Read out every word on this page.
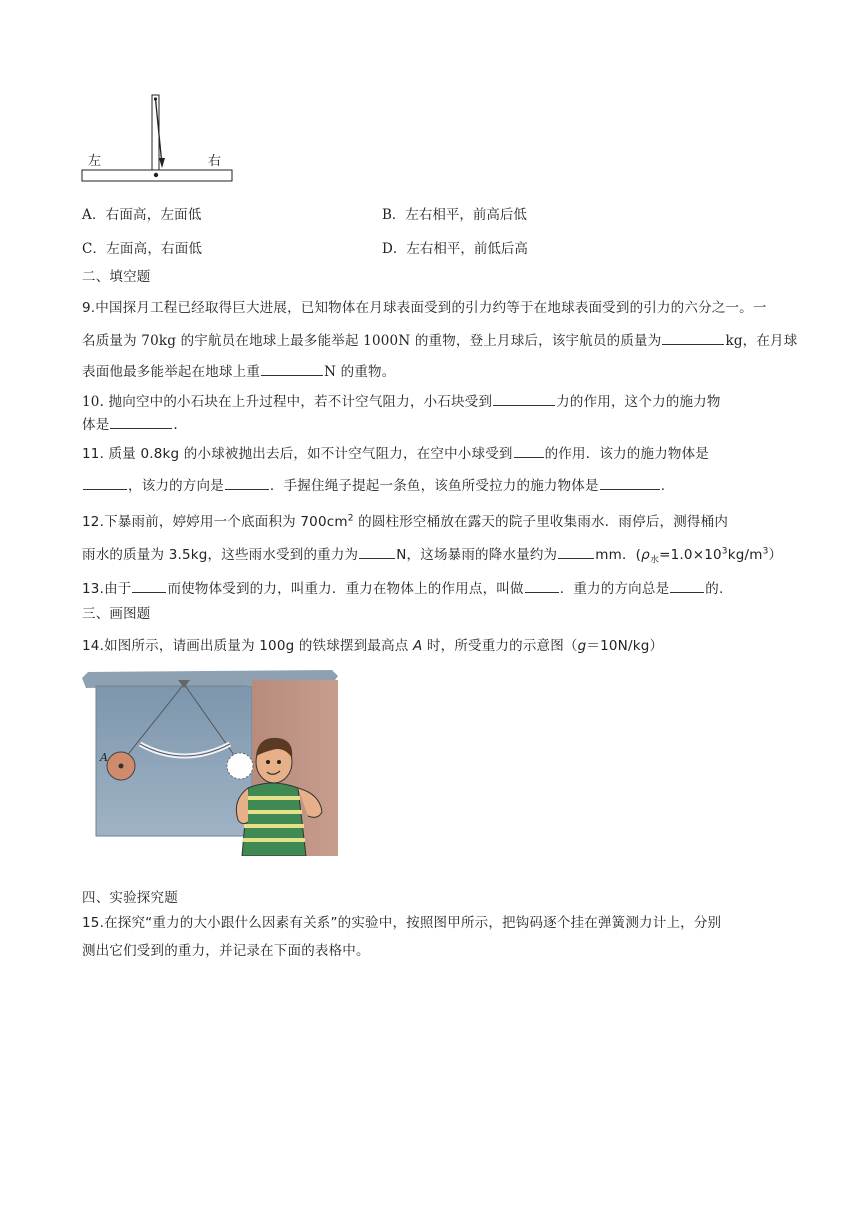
左	右
A．右面高，左面低	B．左右相平，前高后低
C．左面高，右面低	D．左右相平，前低后高
二、填空题
9.中国探月工程已经取得巨大进展，已知物体在月球表面受到的引力约等于在地球表面受到的引力的六分之一。一
名质量为 70kg 的宇航员在地球上最多能举起 1000N 的重物，登上月球后，该宇航员的质量为	kg，在月球
表面他最多能举起在地球上重	N 的重物。
10. 抛向空中的小石块在上升过程中，若不计空气阻力，小石块受到	力的作用，这个力的施力物
体是	.
11. 质量 0.8kg 的小球被抛出去后，如不计空气阻力，在空中小球受到 的作用．该力的施力物体是
，该力的方向是	．手握住绳子提起一条鱼，该鱼所受拉力的施力物体是	.
12.下暴雨前，婷婷用一个底面积为 $700cm^2$ 的圆柱形空桶放在露天的院子里收集雨水．雨停后，测得桶内
雨水的质量为 3.5kg，这些雨水受到的重力为	N，这场暴雨的降水量约为	mm．$(\rho_水=1.0\times 10^3kg/m^3)$
13.由于	而使物体受到的力，叫重力．重力在物体上的作用点，叫做	．重力的方向总是	的.
三、画图题
14.如图所示，请画出质量为 100g 的铁球摆到最高点 A 时，所受重力的示意图（g＝10N/kg）
A
四、实验探究题
15.在探究“重力的大小跟什么因素有关系”的实验中，按照图甲所示，把钩码逐个挂在弹簧测力计上，分别
测出它们受到的重力，并记录在下面的表格中。
